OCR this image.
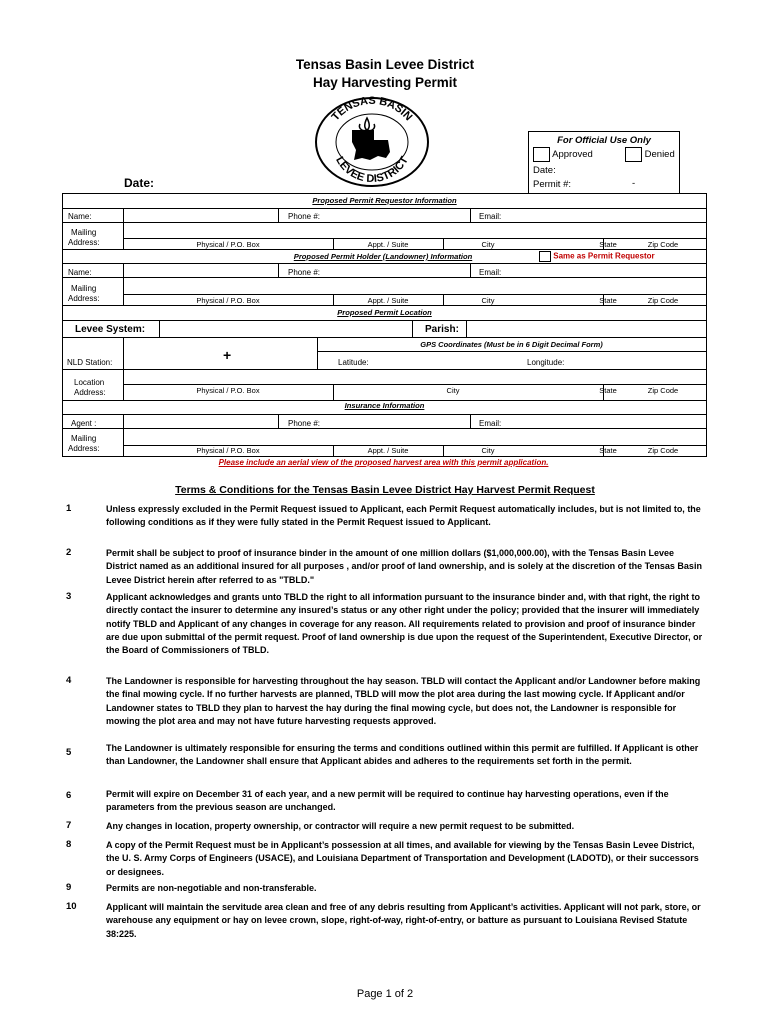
Tensas Basin Levee District
Hay Harvesting Permit
TENSAS BASIN
LEVEE DISTRICT
For Official Use Only
Approved	Denied
Date:
Permit #:	-
Date:
Proposed Permit Requestor Information
Name:	Phone #:	Email:
Mailing
Address:	Physical / P.O. Box	Appt. / Suite	City	State	Zip Code
Proposed Permit Holder (Landowner) Information	Same as Permit Requestor
Name:	Phone #:	Email:
Mailing
Address:	Physical / P.O. Box	Appt. / Suite	City	State	Zip Code
Proposed Permit Location
Levee System:	Parish:
GPS Coordinates (Must be in 6 Digit Decimal Form)
NLD Station:	+	Latitude:	Longitude:
Location
Address:	Physical / P.O. Box	City	State	Zip Code
Insurance Information
Agent :	Phone #:	Email:
Mailing
Address:	Physical / P.O. Box	Appt. / Suite	City	State	Zip Code
Please include an aerial view of the proposed harvest area with this permit application.
Terms & Conditions for the Tensas Basin Levee District Hay Harvest Permit Request
1	Unless expressly excluded in the Permit Request issued to Applicant, each Permit Request automatically includes, but is not limited to, the following conditions as if they were fully stated in the Permit Request issued to Applicant.
2	Permit shall be subject to proof of insurance binder in the amount of one million dollars ($1,000,000.00), with the Tensas Basin Levee District named as an additional insured for all purposes , and/or proof of land ownership, and is solely at the discretion of the Tensas Basin Levee District herein after referred to as "TBLD."
3	Applicant acknowledges and grants unto TBLD the right to all information pursuant to the insurance binder and, with that right, the right to directly contact the insurer to determine any insured’s status or any other right under the policy; provided that the insurer will immediately notify TBLD and Applicant of any changes in coverage for any reason. All requirements related to provision and proof of insurance binder are due upon submittal of the permit request. Proof of land ownership is due upon the request of the Superintendent, Executive Director, or the Board of Commissioners of TBLD.
4	The Landowner is responsible for harvesting throughout the hay season. TBLD will contact the Applicant and/or Landowner before making the final mowing cycle. If no further harvests are planned, TBLD will mow the plot area during the last mowing cycle. If Applicant and/or Landowner states to TBLD they plan to harvest the hay during the final mowing cycle, but does not, the Landowner is responsible for mowing the plot area and may not have future harvesting requests approved.
5	The Landowner is ultimately responsible for ensuring the terms and conditions outlined within this permit are fulfilled. If Applicant is other than Landowner, the Landowner shall ensure that Applicant abides and adheres to the requirements set forth in the permit.
6	Permit will expire on December 31 of each year, and a new permit will be required to continue hay harvesting operations, even if the parameters from the previous season are unchanged.
7	Any changes in location, property ownership, or contractor will require a new permit request to be submitted.
8	A copy of the Permit Request must be in Applicant’s possession at all times, and available for viewing by the Tensas Basin Levee District, the U. S. Army Corps of Engineers (USACE), and Louisiana Department of Transportation and Development (LADOTD), or their successors or designees.
9	Permits are non-negotiable and non-transferable.
10	Applicant will maintain the servitude area clean and free of any debris resulting from Applicant’s activities. Applicant will not park, store, or warehouse any equipment or hay on levee crown, slope, right-of-way, right-of-entry, or batture as pursuant to Louisiana Revised Statute 38:225.
Page 1 of 2
